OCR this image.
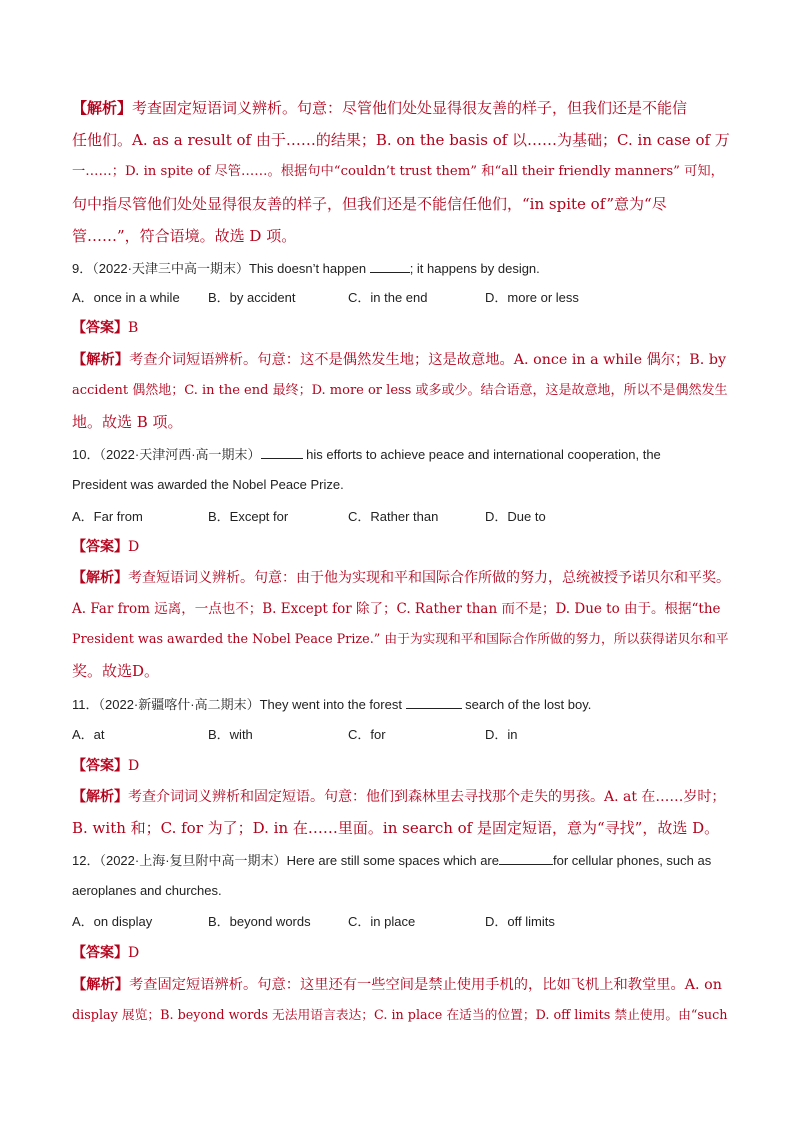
【解析】考查固定短语词义辨析。句意：尽管他们处处显得很友善的样子，但我们还是不能信
任他们。A. as a result of 由于……的结果；B. on the basis of 以……为基础；C. in case of 万
一……；D. in spite of 尽管……。根据句中“couldn’t trust them” 和“all their friendly manners” 可知，
句中指尽管他们处处显得很友善的样子，但我们还是不能信任他们，“in spite of”意为“尽
管……”，符合语境。故选 D 项。
9．（2022·天津三中高一期末）This doesn’t happen	; it happens by design.
A．once in a while B．by accident	C．in the end	D．more or less
【答案】B
【解析】考查介词短语辨析。句意：这不是偶然发生地；这是故意地。A. once in a while 偶尔；B. by
accident 偶然地；C. in the end 最终；D. more or less 或多或少。结合语意，这是故意地，所以不是偶然发生
地。故选 B 项。
10．（2022·天津河西·高一期末）	his efforts to achieve peace and international cooperation, the
President was awarded the Nobel Peace Prize.
A．Far from	B．Except for	C．Rather than	D．Due to
【答案】D
【解析】考查短语词义辨析。句意：由于他为实现和平和国际合作所做的努力，总统被授予诺贝尔和平奖。
A. Far from 远离，一点也不；B. Except for 除了；C. Rather than 而不是；D. Due to 由于。根据“the
President was awarded the Nobel Peace Prize.” 由于为实现和平和国际合作所做的努力，所以获得诺贝尔和平
奖。故选D。
11．（2022·新疆喀什·高二期末）They went into the forest	search of the lost boy.
A．at	B．with	C．for	D．in
【答案】D
【解析】考查介词词义辨析和固定短语。句意：他们到森林里去寻找那个走失的男孩。A. at 在……岁时；
B. with 和；C. for 为了；D. in 在……里面。in search of 是固定短语，意为“寻找”，故选 D。
12．（2022·上海·复旦附中高一期末）Here are still some spaces which are	for cellular phones, such as
aeroplanes and churches.
A．on display	B．beyond words	C．in place	D．off limits
【答案】D
【解析】考查固定短语辨析。句意：这里还有一些空间是禁止使用手机的，比如飞机上和教堂里。A. on
display 展览；B. beyond words 无法用语言表达；C. in place 在适当的位置；D. off limits 禁止使用。由“such
